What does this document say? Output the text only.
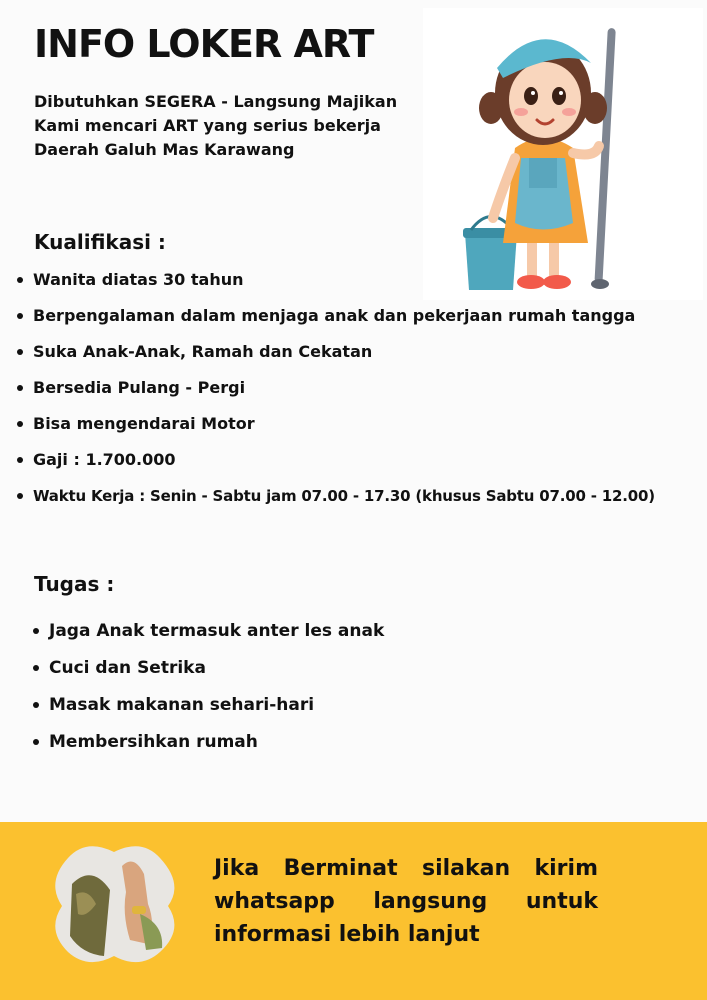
INFO LOKER ART
Dibutuhkan SEGERA - Langsung Majikan
Kami mencari ART yang serius bekerja
Daerah Galuh Mas Karawang
Kualifikasi :
Wanita diatas 30 tahun
Berpengalaman dalam menjaga anak dan pekerjaan rumah tangga
Suka Anak-Anak, Ramah dan Cekatan
Bersedia Pulang - Pergi
Bisa mengendarai Motor
Gaji : 1.700.000
Waktu Kerja : Senin - Sabtu jam 07.00 - 17.30 (khusus Sabtu 07.00 - 12.00)
Tugas :
Jaga Anak termasuk anter les anak
Cuci dan Setrika
Masak makanan sehari-hari
Membersihkan rumah

Jika Berminat silakan kirim whatsapp langsung untuk informasi lebih lanjut
